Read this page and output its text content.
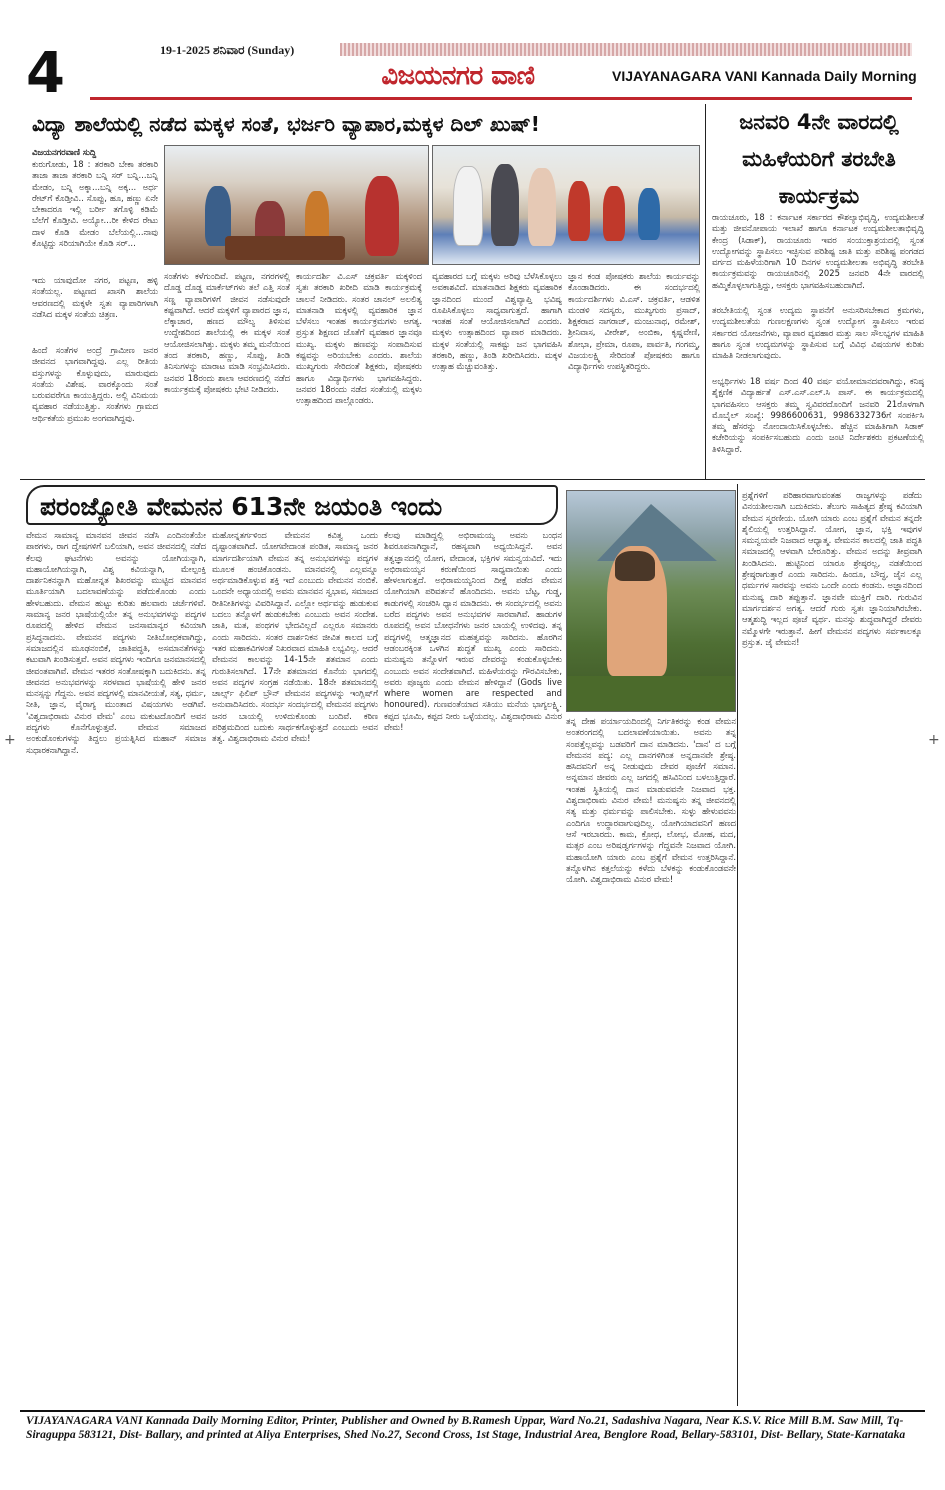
4	19-1-2025 ಶನಿವಾರ (Sunday)
ವಿಜಯನಗರ ವಾಣಿ	VIJAYANAGARA VANI Kannada Daily Morning
ವಿದ್ಯಾ ಶಾಲೆಯಲ್ಲಿ ನಡೆದ ಮಕ್ಕಳ ಸಂತೆ, ಭರ್ಜರಿ ವ್ಯಾಪಾರ,ಮಕ್ಕಳ ದಿಲ್ ಖುಷ್!
ವಿಜಯನಗರವಾಣಿ ಸುದ್ದಿ
ಕುರುಗೋಡು, 18 : ತರಕಾರಿ ಬೇಕಾ ತರಕಾರಿ ತಾಜಾ ತಾಜಾ ತರಕಾರಿ ಬನ್ನಿ ಸರ್ ಬನ್ನಿ...ಬನ್ನಿ ಮೇಡಂ, ಬನ್ನಿ ಅಕ್ಕಾ...ಬನ್ನಿ ಅಕ್ಕ... ಅರ್ಧ ರೇಟ್‌ಗೆ ಕೊಡ್ತೀವಿ.. ಸೊಪ್ಪು, ಹೂ, ಹಣ್ಣು ಏನೇ ಬೇಕಾದರೂ ಇಲ್ಲಿ ಬರ್ರೀ ತಗೊಳ್ಳಿ ಕಡಿಮೆ ಬೆಲೆಗೆ ಕೊಡ್ತೀವಿ. ಅಯ್ಯೋ...ರೀ ಕೇಳಿದ ರೇಟು ದಾಳ ಕೊಡಿ ಮೇಡಂ ಬೆಲೆಯಲ್ಲಿ...ನಾವು ಕೊಟ್ಟಿದ್ದು ಸರಿಯಾಗಿಯೇ ಕೊಡಿ ಸರ್...
ಇದು ಯಾವುದೋ ನಗರ, ಪಟ್ಟಣ, ಹಳ್ಳಿ ಸಂತೆಯಲ್ಲ. ಪಟ್ಟಣದ ಖಾಸಗಿ ಶಾಲೆಯ ಆವರಣದಲ್ಲಿ ಮಕ್ಕಳೇ ಸ್ವತಃ ವ್ಯಾಪಾರಿಗಳಾಗಿ ನಡೆಸಿದ ಮಕ್ಕಳ ಸಂತೆಯ ಚಿತ್ರಣ.
ಹಿಂದೆ ಸಂತೆಗಳ ಅಂದ್ರೆ ಗ್ರಾಮೀಣ ಜನರ ಜೀವನದ ಭಾಗವಾಗಿದ್ದವು. ಎಲ್ಲ ರೀತಿಯ ವಸ್ತುಗಳನ್ನು ಕೊಳ್ಳುವುದು, ಮಾರುವುದು ಸಂತೆಯ ವಿಶೇಷ. ವಾರಕ್ಕೊಂದು ಸಂತೆ ಬರುವವರೆಗೂ ಕಾಯುತ್ತಿದ್ದರು. ಅಲ್ಲಿ ವಿನಿಮಯ ವ್ಯವಹಾರ ನಡೆಯುತ್ತಿತ್ತು. ಸಂತೆಗಳು ಗ್ರಾಮದ ಆರ್ಥಿಕತೆಯ ಪ್ರಮುಖ ಅಂಗವಾಗಿದ್ದವು.
ಸಂತೆಗಳು ಕಳೆಗುಂದಿವೆ. ಪಟ್ಟಣ, ನಗರಗಳಲ್ಲಿ ದೊಡ್ಡ ದೊಡ್ಡ ಮಾರ್ಕೆಟ್‌ಗಳು ತಲೆ ಎತ್ತಿ ಸಂತೆ ಸಣ್ಣ ವ್ಯಾಪಾರಿಗಳಿಗೆ ಜೀವನ ನಡೆಸುವುದೇ ಕಷ್ಟವಾಗಿದೆ. ಆದರೆ ಮಕ್ಕಳಿಗೆ ವ್ಯಾಪಾರದ ಜ್ಞಾನ, ಲೆಕ್ಕಾಚಾರ, ಹಣದ ಮೌಲ್ಯ ತಿಳಿಸುವ ಉದ್ದೇಶದಿಂದ ಶಾಲೆಯಲ್ಲಿ ಈ ಮಕ್ಕಳ ಸಂತೆ ಆಯೋಜಿಸಲಾಗಿತ್ತು. ಮಕ್ಕಳು ತಮ್ಮ ಮನೆಯಿಂದ ತಂದ ತರಕಾರಿ, ಹಣ್ಣು, ಸೊಪ್ಪು, ತಿಂಡಿ ತಿನಿಸುಗಳನ್ನು ಮಾರಾಟ ಮಾಡಿ ಸಂಭ್ರಮಿಸಿದರು. ಜನವರ 18ರಂದು ಶಾಲಾ ಆವರಣದಲ್ಲಿ ನಡೆದ ಕಾರ್ಯಕ್ರಮಕ್ಕೆ ಪೋಷಕರು ಭೇಟಿ ನೀಡಿದರು.
ಕಾರ್ಯದರ್ಶಿ ವಿ.ಎಸ್ ಚಕ್ರವರ್ತಿ ಮಕ್ಕಳಿಂದ ಸ್ವತಃ ತರಕಾರಿ ಖರೀದಿ ಮಾಡಿ ಕಾರ್ಯಕ್ರಮಕ್ಕೆ ಚಾಲನೆ ನೀಡಿದರು. ಸಂತರ ಚಾನಲ್ ಅಲಲಿತ್ಯ ಮಾತನಾಡಿ ಮಕ್ಕಳಲ್ಲಿ ವ್ಯವಹಾರಿಕ ಜ್ಞಾನ ಬೆಳೆಸಲು ಇಂತಹ ಕಾರ್ಯಕ್ರಮಗಳು ಅಗತ್ಯ. ಪ್ರಸ್ತುತ ಶಿಕ್ಷಣದ ಜೊತೆಗೆ ವ್ಯವಹಾರ ಜ್ಞಾನವೂ ಮುಖ್ಯ. ಮಕ್ಕಳು ಹಣವನ್ನು ಸಂಪಾದಿಸುವ ಕಷ್ಟವನ್ನು ಅರಿಯಬೇಕು ಎಂದರು. ಶಾಲೆಯ ಮುಖ್ಯಗುರು ಸೇರಿದಂತೆ ಶಿಕ್ಷಕರು, ಪೋಷಕರು ಹಾಗೂ ವಿದ್ಯಾರ್ಥಿಗಳು ಭಾಗವಹಿಸಿದ್ದರು. ಜನವರ 18ರಂದು ನಡೆದ ಸಂತೆಯಲ್ಲಿ ಮಕ್ಕಳು ಉತ್ಸಾಹದಿಂದ ಪಾಲ್ಗೊಂಡರು.
ವ್ಯವಹಾರದ ಬಗ್ಗೆ ಮಕ್ಕಳು ಅರಿವು ಬೆಳೆಸಿಕೊಳ್ಳಲು ಅವಕಾಶವಿದೆ. ಮಾತನಾಡಿದ ಶಿಕ್ಷಕರು ವ್ಯವಹಾರಿಕ ಜ್ಞಾನದಿಂದ ಮುಂದೆ ವಿಶ್ವವ್ಯಾಪ್ತಿ ಭವಿಷ್ಯ ರೂಪಿಸಿಕೊಳ್ಳಲು ಸಾಧ್ಯವಾಗುತ್ತದೆ. ಹಾಗಾಗಿ ಇಂತಹ ಸಂತೆ ಆಯೋಜಿಸಲಾಗಿದೆ ಎಂದರು. ಮಕ್ಕಳು ಉತ್ಸಾಹದಿಂದ ವ್ಯಾಪಾರ ಮಾಡಿದರು. ಮಕ್ಕಳ ಸಂತೆಯಲ್ಲಿ ಸಾಕಷ್ಟು ಜನ ಭಾಗವಹಿಸಿ ತರಕಾರಿ, ಹಣ್ಣು, ತಿಂಡಿ ಖರೀದಿಸಿದರು. ಮಕ್ಕಳ ಉತ್ಸಾಹ ಮೆಚ್ಚುವಂತಿತ್ತು.
ಜ್ಞಾನ ಕಂಡ ಪೋಷಕರು ಶಾಲೆಯ ಕಾರ್ಯವನ್ನು ಕೊಂಡಾಡಿದರು. ಈ ಸಂದರ್ಭದಲ್ಲಿ ಕಾರ್ಯದರ್ಶಿಗಳು ವಿ.ಎಸ್. ಚಕ್ರವರ್ತಿ, ಆಡಳಿತ ಮಂಡಳಿ ಸದಸ್ಯರು, ಮುಖ್ಯಗುರು ಪ್ರಸಾದ್, ಶಿಕ್ಷಕರಾದ ನಾಗರಾಜ್, ಮಂಜುನಾಥ, ರಮೇಶ್, ಶ್ರೀನಿವಾಸ, ವೀರೇಶ್, ಅಂಬಿಕಾ, ಕೃಷ್ಣವೇಣಿ, ಶೋಭಾ, ಪ್ರೇಮಾ, ರೂಪಾ, ಪಾರ್ವತಿ, ಗಂಗಮ್ಮ, ವಿಜಯಲಕ್ಷ್ಮಿ ಸೇರಿದಂತೆ ಪೋಷಕರು ಹಾಗೂ ವಿದ್ಯಾರ್ಥಿಗಳು ಉಪಸ್ಥಿತರಿದ್ದರು.
ಜನವರಿ 4ನೇ ವಾರದಲ್ಲಿ ಮಹಿಳೆಯರಿಗೆ ತರಬೇತಿ ಕಾರ್ಯಕ್ರಮ
ರಾಯಚೂರು, 18 : ಕರ್ನಾಟಕ ಸರ್ಕಾರದ ಕೌಶಲ್ಯಾಭಿವೃದ್ಧಿ, ಉದ್ಯಮಶೀಲತೆ ಮತ್ತು ಜೀವನೋಪಾಯ ಇಲಾಖೆ ಹಾಗೂ ಕರ್ನಾಟಕ ಉದ್ಯಮಶೀಲತಾಭಿವೃದ್ಧಿ ಕೇಂದ್ರ (ಸಿಡಾಕ್), ರಾಯಚೂರು ಇವರ ಸಂಯುಕ್ತಾಶ್ರಯದಲ್ಲಿ ಸ್ವಂತ ಉದ್ಯೋಗವನ್ನು ಸ್ಥಾಪಿಸಲು ಇಚ್ಛಿಸುವ ಪರಿಶಿಷ್ಟ ಜಾತಿ ಮತ್ತು ಪರಿಶಿಷ್ಟ ಪಂಗಡದ ವರ್ಗದ ಮಹಿಳೆಯರಿಗಾಗಿ 10 ದಿನಗಳ ಉದ್ಯಮಶೀಲತಾ ಅಭಿವೃದ್ಧಿ ತರಬೇತಿ ಕಾರ್ಯಕ್ರಮವನ್ನು ರಾಯಚೂರಿನಲ್ಲಿ 2025 ಜನವರಿ 4ನೇ ವಾರದಲ್ಲಿ ಹಮ್ಮಿಕೊಳ್ಳಲಾಗುತ್ತಿದ್ದು, ಆಸಕ್ತರು ಭಾಗವಹಿಸಬಹುದಾಗಿದೆ.
ತರಬೇತಿಯಲ್ಲಿ ಸ್ವಂತ ಉದ್ಯಮ ಸ್ಥಾಪನೆಗೆ ಅನುಸರಿಸಬೇಕಾದ ಕ್ರಮಗಳು, ಉದ್ಯಮಶೀಲತೆಯ ಗುಣಲಕ್ಷಣಗಳು ಸ್ವಂತ ಉದ್ಯೋಗ ಸ್ಥಾಪಿಸಲು ಇರುವ ಸರ್ಕಾರದ ಯೋಜನೆಗಳು, ವ್ಯಾಪಾರ ವ್ಯವಹಾರ ಮತ್ತು ಸಾಲ ಸೌಲಭ್ಯಗಳ ಮಾಹಿತಿ ಹಾಗೂ ಸ್ವಂತ ಉದ್ಯಮಗಳನ್ನು ಸ್ಥಾಪಿಸುವ ಬಗ್ಗೆ ವಿವಿಧ ವಿಷಯಗಳ ಕುರಿತು ಮಾಹಿತಿ ನೀಡಲಾಗುವುದು.
ಅಭ್ಯರ್ಥಿಗಳು 18 ವರ್ಷ ದಿಂದ 40 ವರ್ಷ ವಯೋಮಾನದವರಾಗಿದ್ದು, ಕನಿಷ್ಠ ಶೈಕ್ಷಣಿಕ ವಿದ್ಯಾರ್ಹತೆ ಎಸ್.ಎಸ್.ಎಲ್.ಸಿ ಪಾಸ್. ಈ ಕಾರ್ಯಕ್ರಮದಲ್ಲಿ ಭಾಗವಹಿಸಲು ಆಸಕ್ತರು ತಮ್ಮ ಸ್ವವಿವರದೊಂದಿಗೆ ಜನವರಿ 21ರೊಳಗಾಗಿ ಮೊಬೈಲ್ ಸಂಖ್ಯೆ: 9986600631, 9986332736ಗೆ ಸಂಪರ್ಕಿಸಿ ತಮ್ಮ ಹೆಸರನ್ನು ನೋಂದಾಯಿಸಿಕೊಳ್ಳಬೇಕು. ಹೆಚ್ಚಿನ ಮಾಹಿತಿಗಾಗಿ ಸಿಡಾಕ್ ಕಚೇರಿಯನ್ನು ಸಂಪರ್ಕಿಸಬಹುದು ಎಂದು ಜಂಟಿ ನಿರ್ದೇಶಕರು ಪ್ರಕಟಣೆಯಲ್ಲಿ ತಿಳಿಸಿದ್ದಾರೆ.
ಪರಂಜ್ಯೋತಿ ವೇಮನನ 613ನೇ ಜಯಂತಿ ಇಂದು
ವೇಮನ ಸಾಮಾನ್ಯ ಮಾನವನ ಜೀವನ ನಡೆಸಿ ಎಂದಿನಂತೆಯೇ ಪಾಠಗಳು, ರಾಗ ದ್ವೇಷಗಳಿಗೆ ಬಲಿಯಾಗಿ, ಅವನ ಜೀವನದಲ್ಲಿ ನಡೆದ ಕೆಲವು ಘಟನೆಗಳು ಅವನನ್ನು ಯೋಗಿಯನ್ನಾಗಿ, ಮಹಾಯೋಗಿಯನ್ನಾಗಿ, ವಿಶ್ವ ಕವಿಯನ್ನಾಗಿ, ಮೇಲ್ಪಂಕ್ತಿ ದಾರ್ಶನಿಕನನ್ನಾಗಿ ಮಹೋನ್ನತ ಶಿಖರವನ್ನು ಮುಟ್ಟಿದ ಮಾನವನ ಮೂರ್ತಿಯಾಗಿ ಬದಲಾವಣೆಯನ್ನು ಪಡೆದುಕೊಂಡು ಎಂದು ಹೇಳಬಹುದು. ವೇಮನ ಹುಟ್ಟು ಕುರಿತು ಹಲವಾರು ಚರ್ಚೆಗಳಿವೆ. ಸಾಮಾನ್ಯ ಜನರ ಭಾಷೆಯಲ್ಲಿಯೇ ತನ್ನ ಅನುಭವಗಳನ್ನು ಪದ್ಯಗಳ ರೂಪದಲ್ಲಿ ಹೇಳಿದ ವೇಮನ ಜನಸಾಮಾನ್ಯರ ಕವಿಯಾಗಿ ಪ್ರಸಿದ್ಧನಾದನು. ವೇಮನನ ಪದ್ಯಗಳು ನೀತಿಬೋಧಕವಾಗಿದ್ದು, ಸಮಾಜದಲ್ಲಿನ ಮೂಢನಂಬಿಕೆ, ಜಾತಿಪದ್ಧತಿ, ಅಸಮಾನತೆಗಳನ್ನು ಕಟುವಾಗಿ ಖಂಡಿಸುತ್ತವೆ. ಅವನ ಪದ್ಯಗಳು ಇಂದಿಗೂ ಜನಮಾನಸದಲ್ಲಿ ಜೀವಂತವಾಗಿವೆ. ವೇಮನ ಇತರರ ಸಂತೋಷಕ್ಕಾಗಿ ಬದುಕಿದನು. ತನ್ನ ಜೀವನದ ಅನುಭವಗಳನ್ನು ಸರಳವಾದ ಭಾಷೆಯಲ್ಲಿ ಹೇಳಿ ಜನರ ಮನಸ್ಸನ್ನು ಗೆದ್ದನು. ಅವನ ಪದ್ಯಗಳಲ್ಲಿ ಮಾನವೀಯತೆ, ಸತ್ಯ, ಧರ್ಮ, ನೀತಿ, ಜ್ಞಾನ, ವೈರಾಗ್ಯ ಮುಂತಾದ ವಿಷಯಗಳು ಅಡಗಿವೆ. 'ವಿಶ್ವದಾಭಿರಾಮ ವಿನುರ ವೇಮ' ಎಂಬ ಮಕುಟದೊಂದಿಗೆ ಅವನ ಪದ್ಯಗಳು ಕೊನೆಗೊಳ್ಳುತ್ತವೆ. ವೇಮನ ಸಮಾಜದ ಅಂಕುಡೊಂಕುಗಳನ್ನು ತಿದ್ದಲು ಪ್ರಯತ್ನಿಸಿದ ಮಹಾನ್ ಸಮಾಜ ಸುಧಾರಕನಾಗಿದ್ದಾನೆ.
ಮಹೋನ್ನತರ್ಗಳಿಂದ ವೇಮನನ ಕವಿತ್ವ ಒಂದು ದೃಷ್ಟಾಂತವಾಗಿದೆ. ಯೋಗವೇದಾಂತ ಪಂಡಿತ, ಸಾಮಾನ್ಯ ಜನರ ಮಾರ್ಗದರ್ಶಿಯಾಗಿ ವೇಮನ ತನ್ನ ಅನುಭವಗಳನ್ನು ಪದ್ಯಗಳ ಮೂಲಕ ಹಂಚಿಕೊಂಡನು. ಮಾನವನಲ್ಲಿ ಎಲ್ಲವನ್ನೂ ಅರ್ಥಮಾಡಿಕೊಳ್ಳುವ ಶಕ್ತಿ ಇದೆ ಎಂಬುದು ವೇಮನನ ನಂಬಿಕೆ. ಒಂದನೇ ಅಧ್ಯಾಯದಲ್ಲಿ ಅವನು ಮಾನವನ ಸ್ವಭಾವ, ಸಮಾಜದ ರೀತಿನೀತಿಗಳನ್ನು ವಿವರಿಸಿದ್ದಾನೆ. ಎಲ್ಲೋ ಅರ್ಥವನ್ನು ಹುಡುಕುವ ಬದಲು ತನ್ನೊಳಗೆ ಹುಡುಕಬೇಕು ಎಂಬುದು ಅವನ ಸಂದೇಶ. ಜಾತಿ, ಮತ, ಪಂಥಗಳ ಭೇದವಿಲ್ಲದೆ ಎಲ್ಲರೂ ಸಮಾನರು ಎಂದು ಸಾರಿದನು. ಸಂತರ ದಾರ್ಶನಿಕನ ಜೀವಿತ ಕಾಲದ ಬಗ್ಗೆ ಇತರ ಮಹಾಕವಿಗಳಂತೆ ನಿಖರವಾದ ಮಾಹಿತಿ ಲಭ್ಯವಿಲ್ಲ. ಆದರೆ ವೇಮನನ ಕಾಲವನ್ನು 14-15ನೇ ಶತಮಾನ ಎಂದು ಗುರುತಿಸಲಾಗಿದೆ. 17ನೇ ಶತಮಾನದ ಕೊನೆಯ ಭಾಗದಲ್ಲಿ ಅವನ ಪದ್ಯಗಳ ಸಂಗ್ರಹ ನಡೆಯಿತು. 18ನೇ ಶತಮಾನದಲ್ಲಿ ಚಾರ್ಲ್ಸ್ ಫಿಲಿಪ್ ಬ್ರೌನ್ ವೇಮನನ ಪದ್ಯಗಳನ್ನು ಇಂಗ್ಲಿಷ್‌ಗೆ ಅನುವಾದಿಸಿದರು. ಸಂದರ್ಭ ಸಂದರ್ಭದಲ್ಲಿ ವೇಮನನ ಪದ್ಯಗಳು ಜನರ ಬಾಯಲ್ಲಿ ಉಳಿದುಕೊಂಡು ಬಂದಿವೆ. ಕಠಿಣ ಪರಿಶ್ರಮದಿಂದ ಬದುಕು ಸಾರ್ಥಕಗೊಳ್ಳುತ್ತದೆ ಎಂಬುದು ಅವನ ತತ್ವ. ವಿಶ್ವದಾಭಿರಾಮ ವಿನುರ ವೇಮ!
ಕೆಲವು ಮಾಡಿದ್ದಲ್ಲಿ ಅಭಿರಾಮಯ್ಯ ಅವನು ಬಂಧನ ಶಿವರೂಪನಾಗಿದ್ದಾನೆ, ರಹಸ್ಯವಾಗಿ ಅಧ್ಯಯಿಸಿದ್ದನೆ. ಅವನ ತತ್ವಜ್ಞಾನದಲ್ಲಿ ಯೋಗ, ವೇದಾಂತ, ಭಕ್ತಿಗಳ ಸಮನ್ವಯವಿದೆ. ಇದು ಅಭಿರಾಮಯ್ಯನ ಕರುಣೆಯಿಂದ ಸಾಧ್ಯವಾಯಿತು ಎಂದು ಹೇಳಲಾಗುತ್ತದೆ. ಅಭಿರಾಮಯ್ಯನಿಂದ ದೀಕ್ಷೆ ಪಡೆದ ವೇಮನ ಯೋಗಿಯಾಗಿ ಪರಿವರ್ತನೆ ಹೊಂದಿದನು. ಅವನು ಬೆಟ್ಟ, ಗುಡ್ಡ, ಕಾಡುಗಳಲ್ಲಿ ಸಂಚರಿಸಿ ಧ್ಯಾನ ಮಾಡಿದನು. ಈ ಸಂದರ್ಭದಲ್ಲಿ ಅವನು ಬರೆದ ಪದ್ಯಗಳು ಅವನ ಅನುಭವಗಳ ಸಾರವಾಗಿವೆ. ಹಾಡುಗಳ ರೂಪದಲ್ಲಿ ಅವನ ಬೋಧನೆಗಳು ಜನರ ಬಾಯಲ್ಲಿ ಉಳಿದವು. ತನ್ನ ಪದ್ಯಗಳಲ್ಲಿ ಆತ್ಮಜ್ಞಾನದ ಮಹತ್ವವನ್ನು ಸಾರಿದನು. ಹೊರಗಿನ ಆಡಂಬರಕ್ಕಿಂತ ಒಳಗಿನ ಶುದ್ಧತೆ ಮುಖ್ಯ ಎಂದು ಸಾರಿದನು. ಮನುಷ್ಯನು ತನ್ನೊಳಗೆ ಇರುವ ದೇವರನ್ನು ಕಂಡುಕೊಳ್ಳಬೇಕು ಎಂಬುದು ಅವನ ಸಂದೇಶವಾಗಿದೆ. ಮಹಿಳೆಯರನ್ನು ಗೌರವಿಸಬೇಕು, ಅವರು ಪೂಜ್ಯರು ಎಂದು ವೇಮನ ಹೇಳಿದ್ದಾನೆ (Gods live where women are respected and honoured). ಗುಣವಂತೆಯಾದ ಸತಿಯು ಮನೆಯ ಭಾಗ್ಯಲಕ್ಷ್ಮಿ. ಕಪ್ಪದ ಭೂಮಿ, ಕಪ್ಪದ ನೀರು ಒಳ್ಳೆಯದಲ್ಲ. ವಿಶ್ವದಾಭಿರಾಮ ವಿನುರ ವೇಮ!
ತನ್ನ ದೇಹ ಪರ್ಯಾಯದಿಂದಲ್ಲಿ ನಿರ್ಗತಿಕರನ್ನು ಕಂಡ ವೇಮನ ಅಂತರಂಗದಲ್ಲಿ ಬದಲಾವಣೆಯಾಯಿತು. ಅವನು ತನ್ನ ಸಂಪತ್ತೆಲ್ಲವನ್ನು ಬಡವರಿಗೆ ದಾನ ಮಾಡಿದನು. 'ದಾನ' ದ ಬಗ್ಗೆ ವೇಮನನ ಪದ್ಯ: ಎಲ್ಲ ದಾನಗಳಿಗಿಂತ ಅನ್ನದಾನವೇ ಶ್ರೇಷ್ಠ. ಹಸಿದವನಿಗೆ ಅನ್ನ ನೀಡುವುದು ದೇವರ ಪೂಜೆಗೆ ಸಮಾನ. ಅನ್ನಮಾನ ಜೀವರು ಎಲ್ಲ ಜಗದಲ್ಲಿ ಹಸಿವಿನಿಂದ ಬಳಲುತ್ತಿದ್ದಾರೆ. ಇಂತಹ ಸ್ಥಿತಿಯಲ್ಲಿ ದಾನ ಮಾಡುವವನೇ ನಿಜವಾದ ಭಕ್ತ. ವಿಶ್ವದಾಭಿರಾಮ ವಿನುರ ವೇಮ! ಮನುಷ್ಯನು ತನ್ನ ಜೀವನದಲ್ಲಿ ಸತ್ಯ ಮತ್ತು ಧರ್ಮವನ್ನು ಪಾಲಿಸಬೇಕು. ಸುಳ್ಳು ಹೇಳುವವನು ಎಂದಿಗೂ ಉದ್ಧಾರವಾಗುವುದಿಲ್ಲ. ಯೋಗಿಯಾದವನಿಗೆ ಹಣದ ಆಸೆ ಇರಬಾರದು. ಕಾಮ, ಕ್ರೋಧ, ಲೋಭ, ಮೋಹ, ಮದ, ಮತ್ಸರ ಎಂಬ ಅರಿಷಡ್ವರ್ಗಗಳನ್ನು ಗೆದ್ದವನೇ ನಿಜವಾದ ಯೋಗಿ. ಮಹಾಯೋಗಿ ಯಾರು ಎಂಬ ಪ್ರಶ್ನೆಗೆ ವೇಮನ ಉತ್ತರಿಸಿದ್ದಾನೆ. ತನ್ನೊಳಗಿನ ಕತ್ತಲೆಯನ್ನು ಕಳೆದು ಬೆಳಕನ್ನು ಕಂಡುಕೊಂಡವನೇ ಯೋಗಿ. ವಿಶ್ವದಾಭಿರಾಮ ವಿನುರ ವೇಮ!
ಪ್ರಶ್ನೆಗಳಿಗೆ ಪರಿಹಾರವಾಗುವಂತಹ ರಾಜ್ಯಗಳನ್ನು ಪಡೆದು ವಿನಯಶೀಲನಾಗಿ ಬದುಕಿದನು. ತೆಲುಗು ಸಾಹಿತ್ಯದ ಶ್ರೇಷ್ಠ ಕವಿಯಾಗಿ ವೇಮನ ಸ್ಮರಣೀಯ. ಯೋಗಿ ಯಾರು ಎಂಬ ಪ್ರಶ್ನೆಗೆ ವೇಮನ ತನ್ನದೇ ಶೈಲಿಯಲ್ಲಿ ಉತ್ತರಿಸಿದ್ದಾನೆ. ಯೋಗ, ಜ್ಞಾನ, ಭಕ್ತಿ ಇವುಗಳ ಸಮನ್ವಯವೇ ನಿಜವಾದ ಆಧ್ಯಾತ್ಮ. ವೇಮನನ ಕಾಲದಲ್ಲಿ ಜಾತಿ ಪದ್ಧತಿ ಸಮಾಜದಲ್ಲಿ ಆಳವಾಗಿ ಬೇರೂರಿತ್ತು. ವೇಮನ ಅದನ್ನು ತೀವ್ರವಾಗಿ ಖಂಡಿಸಿದನು. ಹುಟ್ಟಿನಿಂದ ಯಾರೂ ಶ್ರೇಷ್ಠರಲ್ಲ, ನಡತೆಯಿಂದ ಶ್ರೇಷ್ಠರಾಗುತ್ತಾರೆ ಎಂದು ಸಾರಿದನು. ಹಿಂದೂ, ಬೌದ್ಧ, ಜೈನ ಎಲ್ಲ ಧರ್ಮಗಳ ಸಾರವನ್ನು ಅವನು ಒಂದೇ ಎಂದು ಕಂಡನು. ಅಜ್ಞಾನದಿಂದ ಮನುಷ್ಯ ದಾರಿ ತಪ್ಪುತ್ತಾನೆ. ಜ್ಞಾನವೇ ಮುಕ್ತಿಗೆ ದಾರಿ. ಗುರುವಿನ ಮಾರ್ಗದರ್ಶನ ಅಗತ್ಯ. ಆದರೆ ಗುರು ಸ್ವತಃ ಜ್ಞಾನಿಯಾಗಿರಬೇಕು. ಆತ್ಮಶುದ್ಧಿ ಇಲ್ಲದ ಪೂಜೆ ವ್ಯರ್ಥ. ಮನಸ್ಸು ಶುದ್ಧವಾಗಿದ್ದರೆ ದೇವರು ನಮ್ಮೊಳಗೇ ಇರುತ್ತಾನೆ. ಹೀಗೆ ವೇಮನನ ಪದ್ಯಗಳು ಸರ್ವಕಾಲಕ್ಕೂ ಪ್ರಸ್ತುತ. ಜೈ ವೇಮನ!
+	+
VIJAYANAGARA VANI Kannada Daily Morning Editor, Printer, Publisher and Owned by B.Ramesh Uppar, Ward No.21, Sadashiva Nagara, Near K.S.V. Rice Mill B.M. Saw Mill, Tq-Siraguppa 583121, Dist- Ballary, and printed at Aliya Enterprises, Shed No.27, Second Cross, 1st Stage, Industrial Area, Benglore Road, Bellary-583101, Dist- Bellary, State-Karnataka
